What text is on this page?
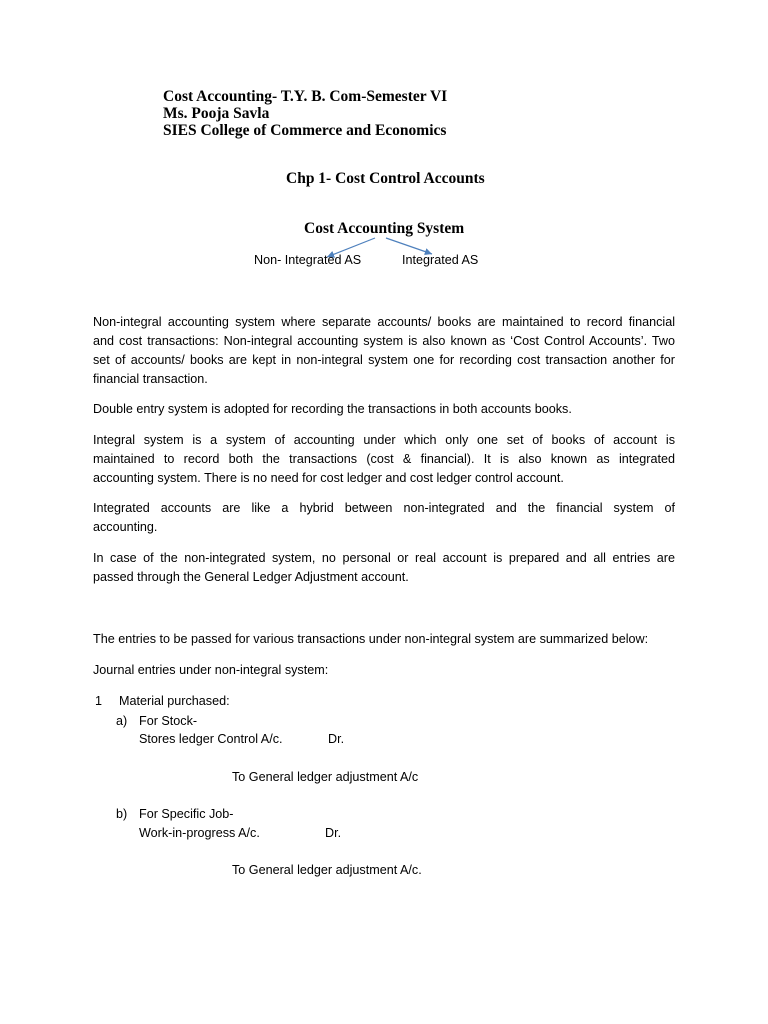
Cost Accounting- T.Y. B. Com-Semester VI
Ms. Pooja Savla
SIES College of Commerce and Economics
Chp 1- Cost Control Accounts
Cost Accounting System
Non- Integrated AS	Integrated AS
Non-integral accounting system where separate accounts/ books are maintained to record financial
and cost transactions: Non-integral accounting system is also known as ‘Cost Control Accounts’. Two
set of accounts/ books are kept in non-integral system one for recording cost transaction another for
financial transaction.
Double entry system is adopted for recording the transactions in both accounts books.
Integral system is a system of accounting under which only one set of books of account is
maintained to record both the transactions (cost & financial). It is also known as integrated
accounting system. There is no need for cost ledger and cost ledger control account.
Integrated accounts are like a hybrid between non-integrated and the financial system of
accounting.
In case of the non-integrated system, no personal or real account is prepared and all entries are
passed through the General Ledger Adjustment account.
The entries to be passed for various transactions under non-integral system are summarized below:
Journal entries under non-integral system:
1 Material purchased:
a) For Stock-
Stores ledger Control A/c.	Dr.
To General ledger adjustment A/c
b) For Specific Job-
Work-in-progress A/c.	Dr.
To General ledger adjustment A/c.
